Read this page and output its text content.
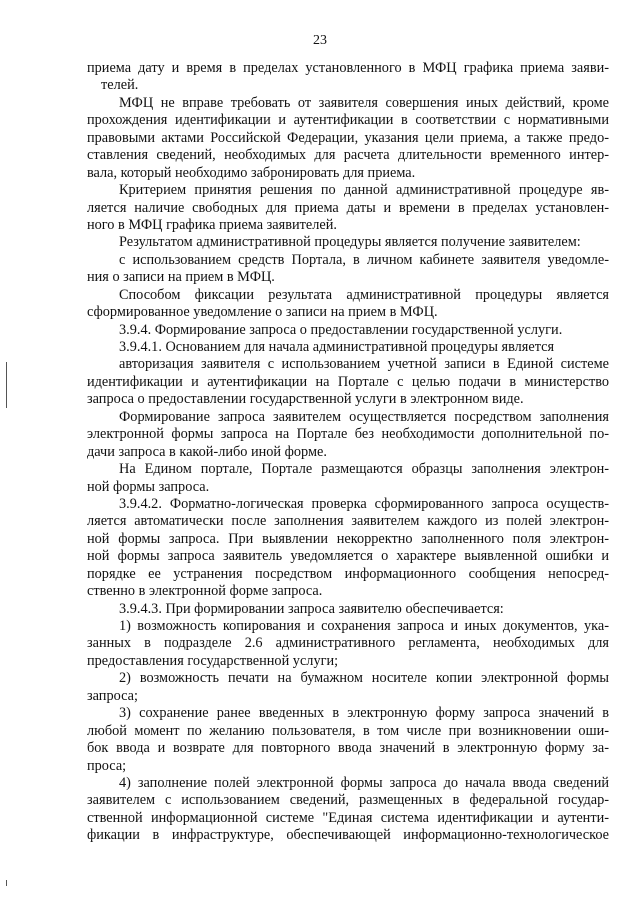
23
приема дату и время в пределах установленного в МФЦ графика приема заяви-
телей.
МФЦ не вправе требовать от заявителя совершения иных действий, кроме
прохождения идентификации и аутентификации в соответствии с нормативными
правовыми актами Российской Федерации, указания цели приема, а также предо-
ставления сведений, необходимых для расчета длительности временного интер-
вала, который необходимо забронировать для приема.
Критерием принятия решения по данной административной процедуре яв-
ляется наличие свободных для приема даты и времени в пределах установлен-
ного в МФЦ графика приема заявителей.
Результатом административной процедуры является получение заявителем:
с использованием средств Портала, в личном кабинете заявителя уведомле-
ния о записи на прием в МФЦ.
Способом фиксации результата административной процедуры является
сформированное уведомление о записи на прием в МФЦ.
3.9.4. Формирование запроса о предоставлении государственной услуги.
3.9.4.1. Основанием для начала административной процедуры является
авторизация заявителя с использованием учетной записи в Единой системе
идентификации и аутентификации на Портале с целью подачи в министерство
запроса о предоставлении государственной услуги в электронном виде.
Формирование запроса заявителем осуществляется посредством заполнения
электронной формы запроса на Портале без необходимости дополнительной по-
дачи запроса в какой-либо иной форме.
На Едином портале, Портале размещаются образцы заполнения электрон-
ной формы запроса.
3.9.4.2. Форматно-логическая проверка сформированного запроса осуществ-
ляется автоматически после заполнения заявителем каждого из полей электрон-
ной формы запроса. При выявлении некорректно заполненного поля электрон-
ной формы запроса заявитель уведомляется о характере выявленной ошибки и
порядке ее устранения посредством информационного сообщения непосред-
ственно в электронной форме запроса.
3.9.4.3. При формировании запроса заявителю обеспечивается:
1) возможность копирования и сохранения запроса и иных документов, ука-
занных в подразделе 2.6 административного регламента, необходимых для
предоставления государственной услуги;
2) возможность печати на бумажном носителе копии электронной формы
запроса;
3) сохранение ранее введенных в электронную форму запроса значений в
любой момент по желанию пользователя, в том числе при возникновении оши-
бок ввода и возврате для повторного ввода значений в электронную форму за-
проса;
4) заполнение полей электронной формы запроса до начала ввода сведений
заявителем с использованием сведений, размещенных в федеральной государ-
ственной информационной системе "Единая система идентификации и аутенти-
фикации в инфраструктуре, обеспечивающей информационно-технологическое
